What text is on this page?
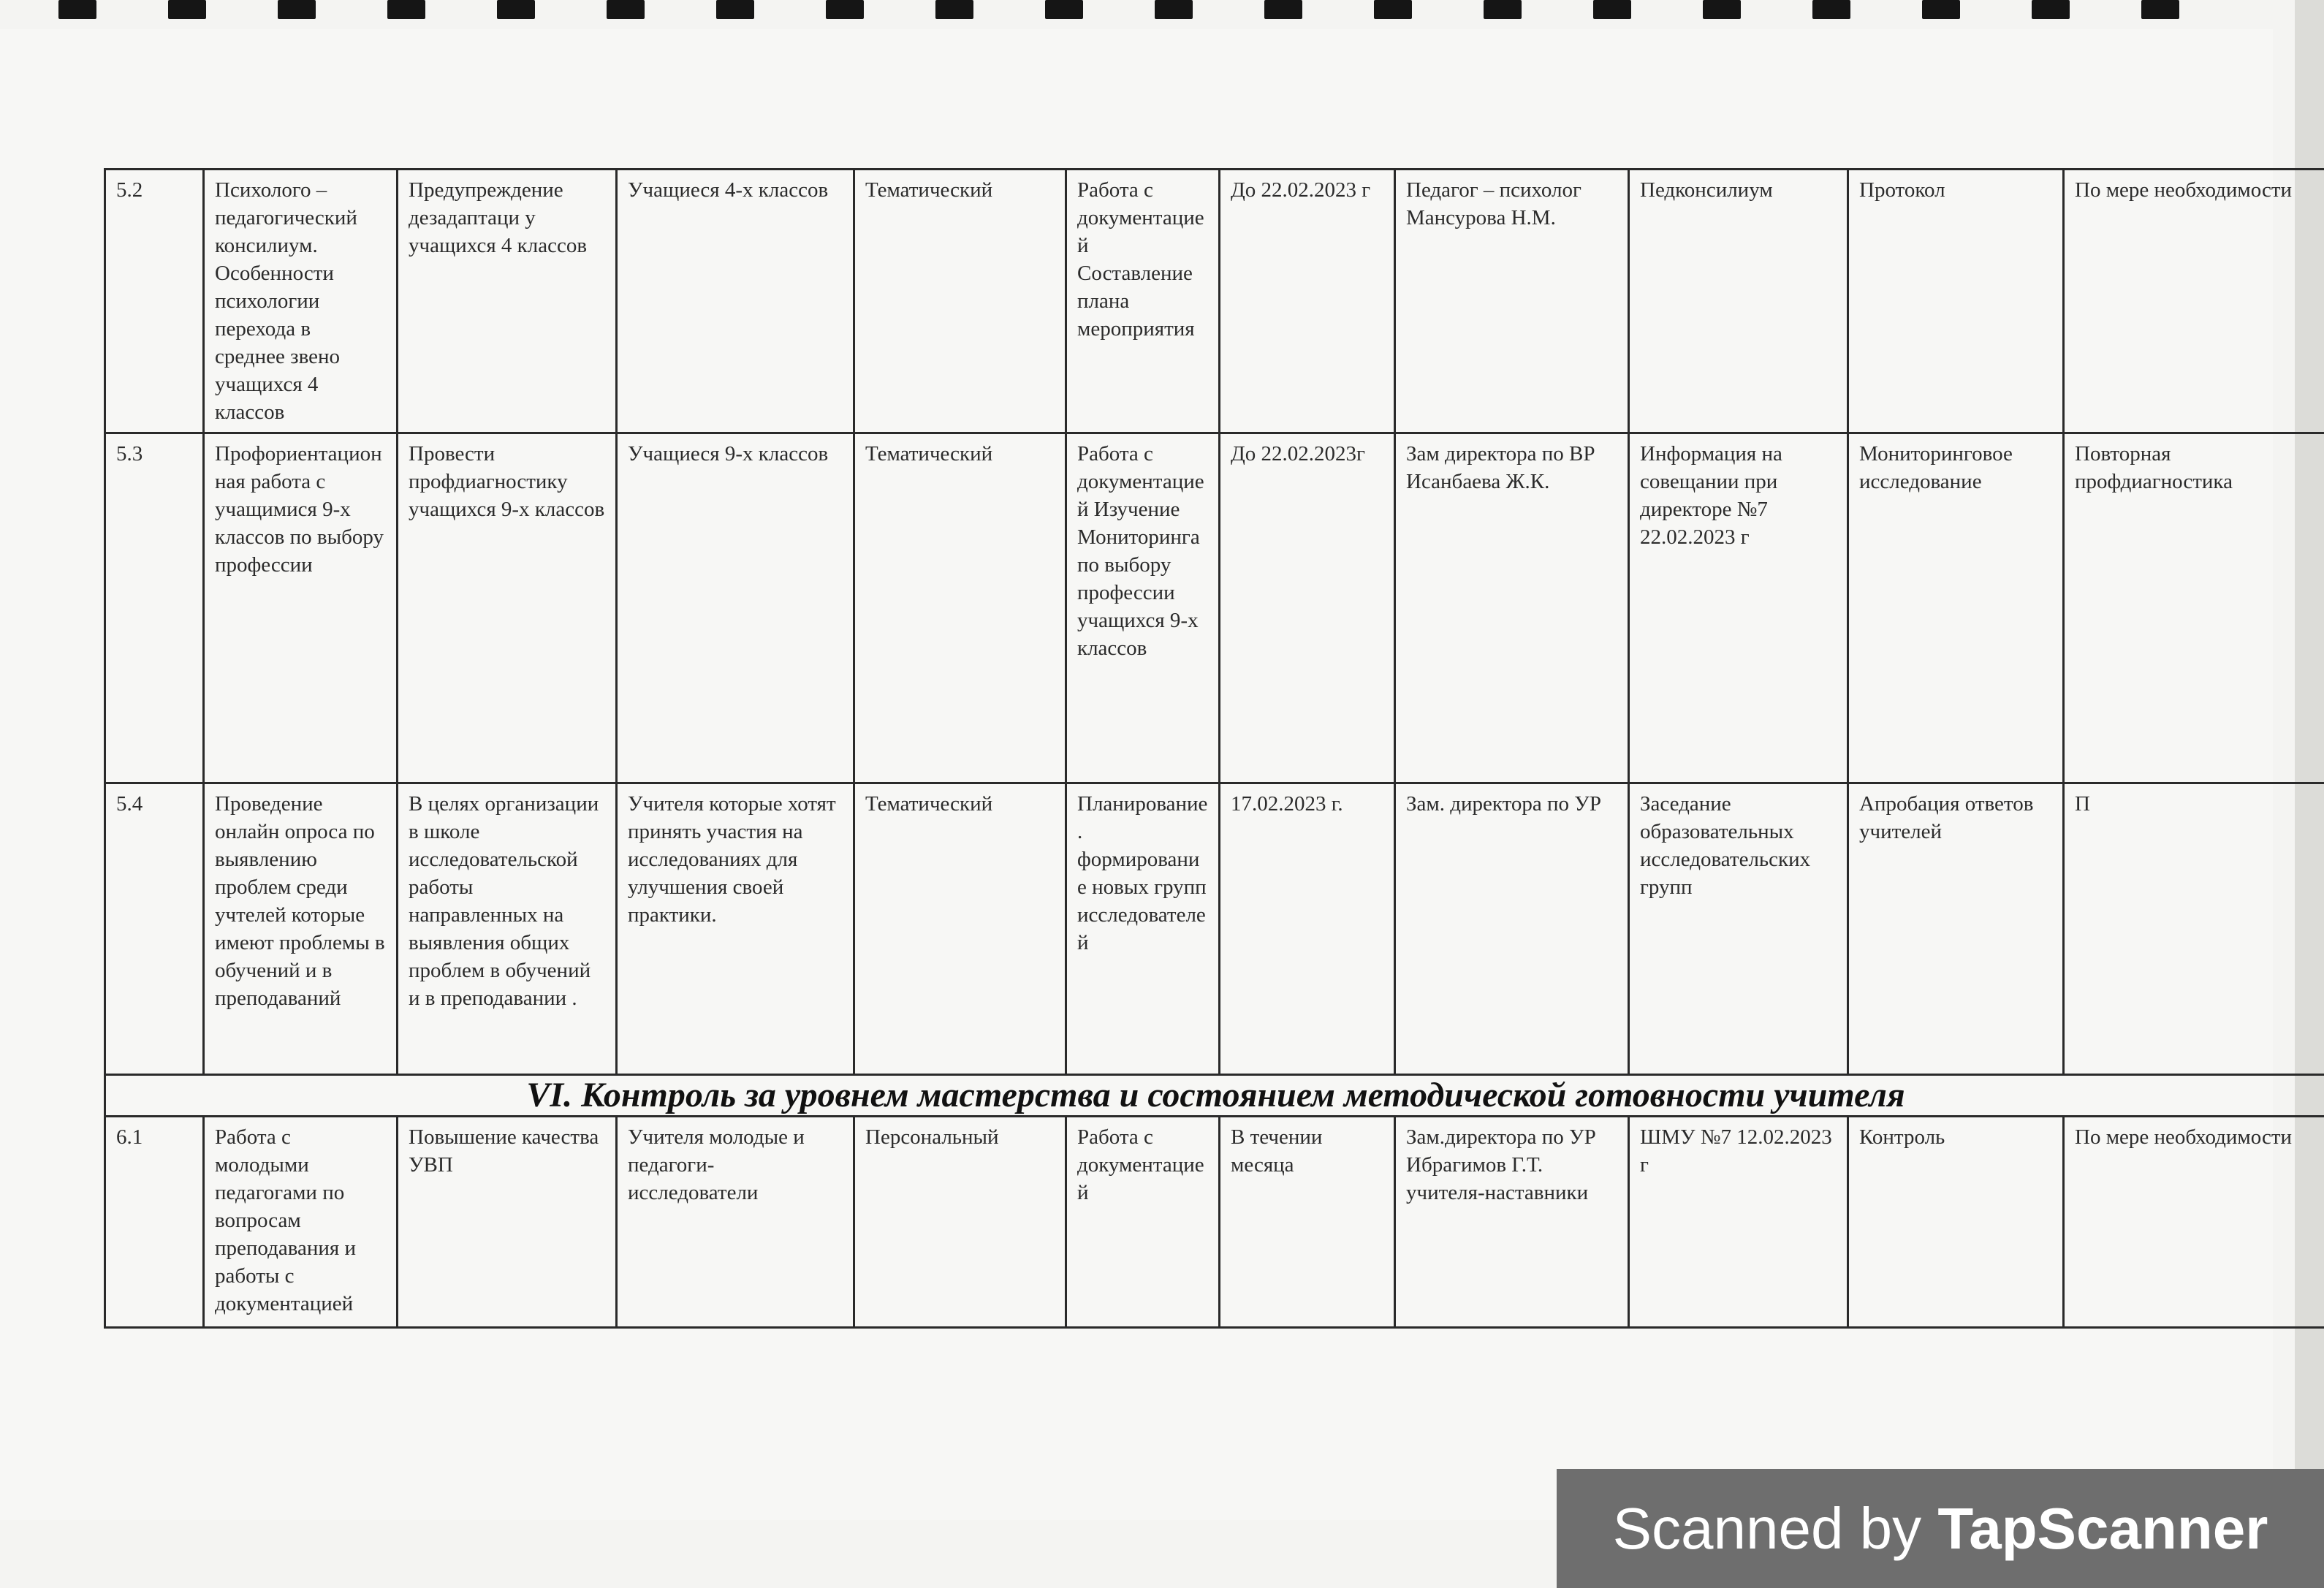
5.2	Психолого – педагогический консилиум. Особенности психологии перехода в среднее звено учащихся 4 классов	Предупреждение дезадаптаци у учащихся 4 классов	Учащиеся 4-х классов	Тематический	Работа с документацией Составление плана мероприятия	До 22.02.2023 г	Педагог – психолог Мансурова Н.М.	Педконсилиум	Протокол	По мере необходимости
5.3	Профориентационная работа с учащимися 9-х классов по выбору профессии	Провести профдиагностику учащихся 9-х классов	Учащиеся 9-х классов	Тематический	Работа с документацией Изучение Мониторинга по выбору профессии учащихся 9-х классов	До 22.02.2023г	Зам директора по ВР Исанбаева Ж.К.	Информация на совещании при директоре №7 22.02.2023 г	Мониторинговое исследование	Повторная профдиагностика
5.4	Проведение онлайн опроса по выявлению проблем среди учтелей которые имеют проблемы в обучений и в преподаваний	В целях организации в школе исследовательской работы направленных на выявления общих проблем в обучений и в преподавании .	Учителя которые хотят принять участия на исследованиях для улучшения своей практики.	Тематический	Планирование . формирование новых групп исследователей	17.02.2023 г.	Зам. директора по УР	Заседание образовательных исследовательских групп	Апробация ответов учителей	П
VI. Контроль за уровнем мастерства и состоянием методической готовности учителя										
6.1	Работа с молодыми педагогами по вопросам преподавания и работы с документацией	Повышение качества УВП	Учителя молодые и педагоги-исследователи	Персональный	Работа с документацией	В течении месяца	Зам.директора по УР Ибрагимов Г.Т. учителя-наставники	ШМУ №7 12.02.2023 г	Контроль	По мере необходимости
Scanned by TapScanner
